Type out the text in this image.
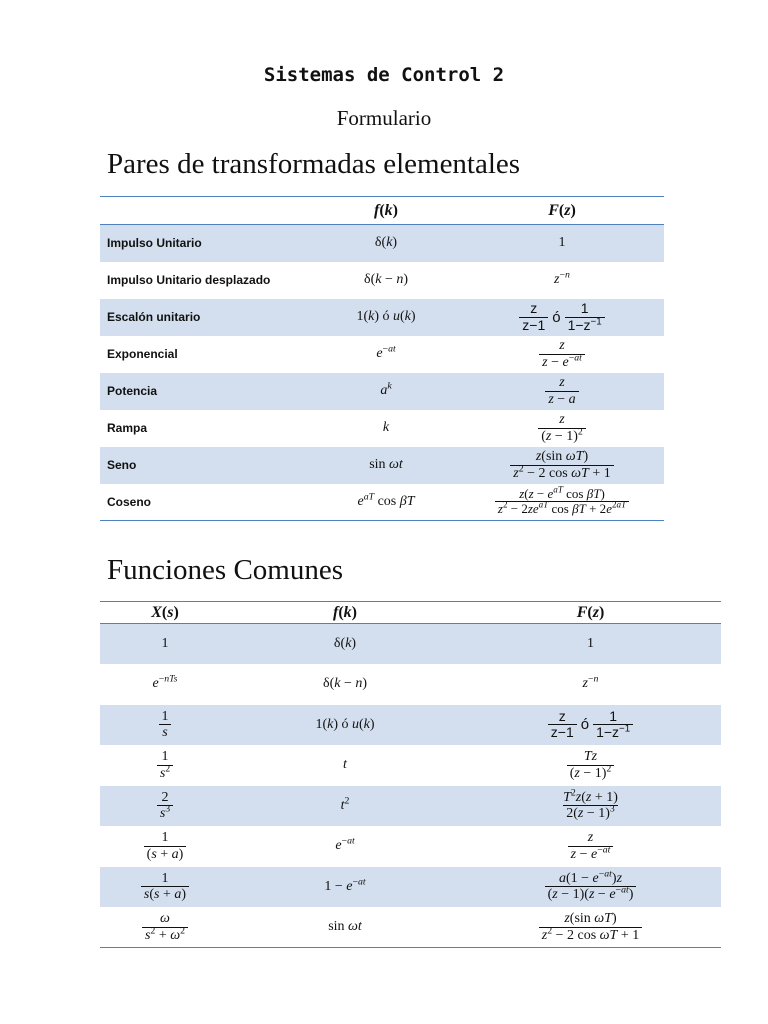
Sistemas de Control 2
Formulario
Pares de transformadas elementales
	f(k)	F(z)
Impulso Unitario	δ(k)	1
Impulso Unitario desplazado	δ(k − n)	$z^{-n}$
Escalón unitario	1(k) ó u(k)	$\frac{z}{z-1}$ ó $\frac{1}{1-z^{-1}}$

Exponencial	$e^{-at}$	$\frac{z}{z - e^{-at}}$

Potencia	$a^k$	$\frac{z}{z - a}$

Rampa	k	$\frac{z}{(z - 1)^2}$

Seno	sin ωt	$\frac{\text{z(sin ωT)}}{z^2 - 2 \cos \omega T + 1}$

Coseno	$e^{aT}$ cos βT	$\frac{z(z - e^{aT} \cos \beta T)}{z^2 - 2ze^{aT} \cos \beta T + 2e^{2aT}}$
Funciones Comunes
X(s)	f(k)	F(z)
1	δ(k)	1
$e^{-nTs}$	δ(k − n)	$z^{-n}$

$\frac{1}{s}$	1(k) ó u(k)	$\frac{z}{z-1}$ ó $\frac{1}{1-z^{-1}}$

$\frac{1}{s^2}$	t	$\frac{Tz}{(z - 1)^2}$

$\frac{2}{s^3}$	$t^2$	$\frac{T^2z(z + 1)}{2(z - 1)^3}$

$\frac{1}{(s + a)}$	$e^{-at}$	$\frac{z}{z - e^{-at}}$

$\frac{1}{s(s + a)}$	$1 - e^{-at}$	$\frac{a(1 - e^{-at})z}{(z - 1)(z - e^{-at})}$

$\frac{\omega}{s^2 + \omega^2}$	sin ωt	$\frac{\text{z(sin ωT)}}{z^2 - 2 \cos \omega T + 1}$
